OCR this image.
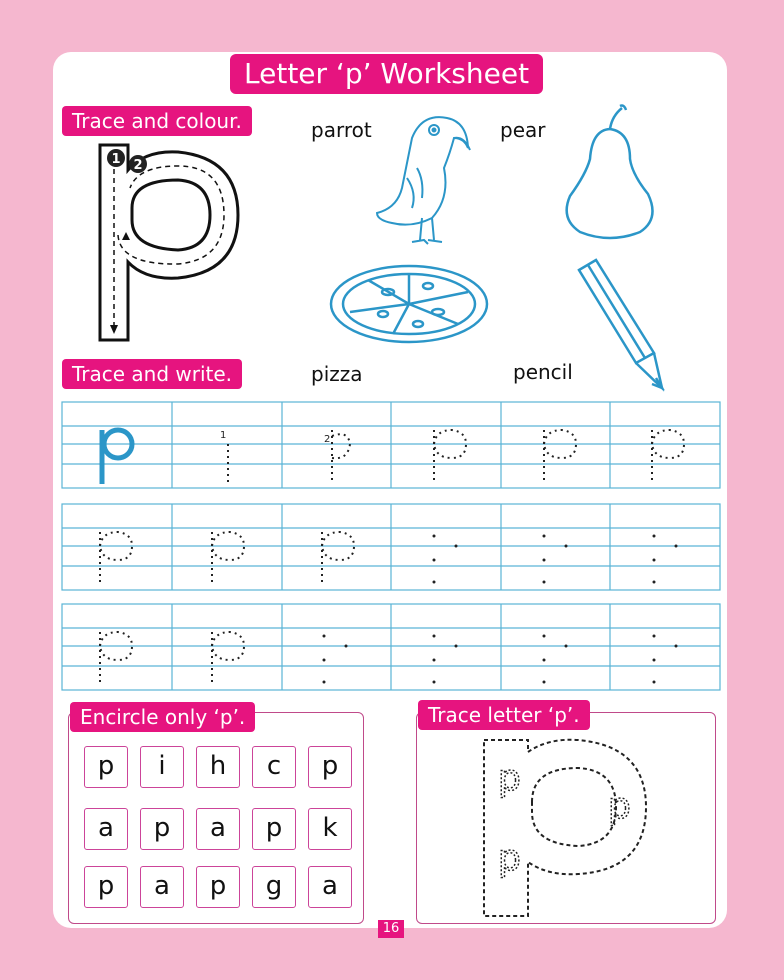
Letter ‘p’ Worksheet
Trace and colour.
Trace and write.
Encircle only ‘p’.	Trace letter ‘p’.
1 2
parrot	pear
pizza	pencil
1	2
p	i	h	c	p
a	p	a	p	k
p	a	p	g	a
p
p
p
16
